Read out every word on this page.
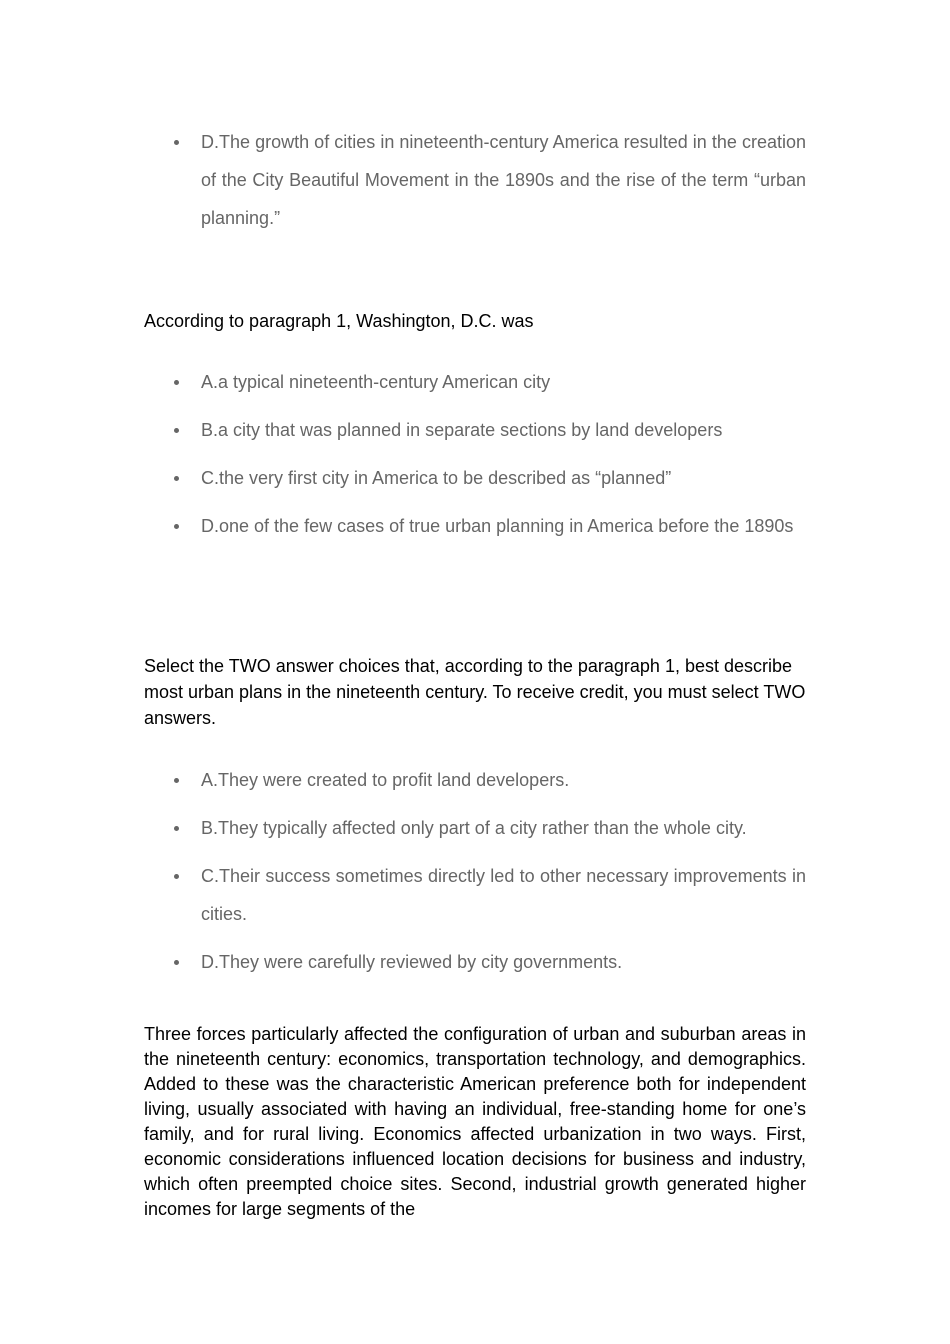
D.The growth of cities in nineteenth-century America resulted in the creation of the City Beautiful Movement in the 1890s and the rise of the term “urban planning.”

According to paragraph 1, Washington, D.C. was

A.a typical nineteenth-century American city
B.a city that was planned in separate sections by land developers
C.the very first city in America to be described as “planned”
D.one of the few cases of true urban planning in America before the 1890s

Select the TWO answer choices that, according to the paragraph 1, best describe most urban plans in the nineteenth century. To receive credit, you must select TWO answers.

A.They were created to profit land developers.
B.They typically affected only part of a city rather than the whole city.
C.Their success sometimes directly led to other necessary improvements in cities.
D.They were carefully reviewed by city governments.

Three forces particularly affected the configuration of urban and suburban areas in the nineteenth century: economics, transportation technology, and demographics. Added to these was the characteristic American preference both for independent living, usually associated with having an individual, free-standing home for one’s family, and for rural living. Economics affected urbanization in two ways. First, economic considerations influenced location decisions for business and industry, which often preempted choice sites. Second, industrial growth generated higher incomes for large segments of the
